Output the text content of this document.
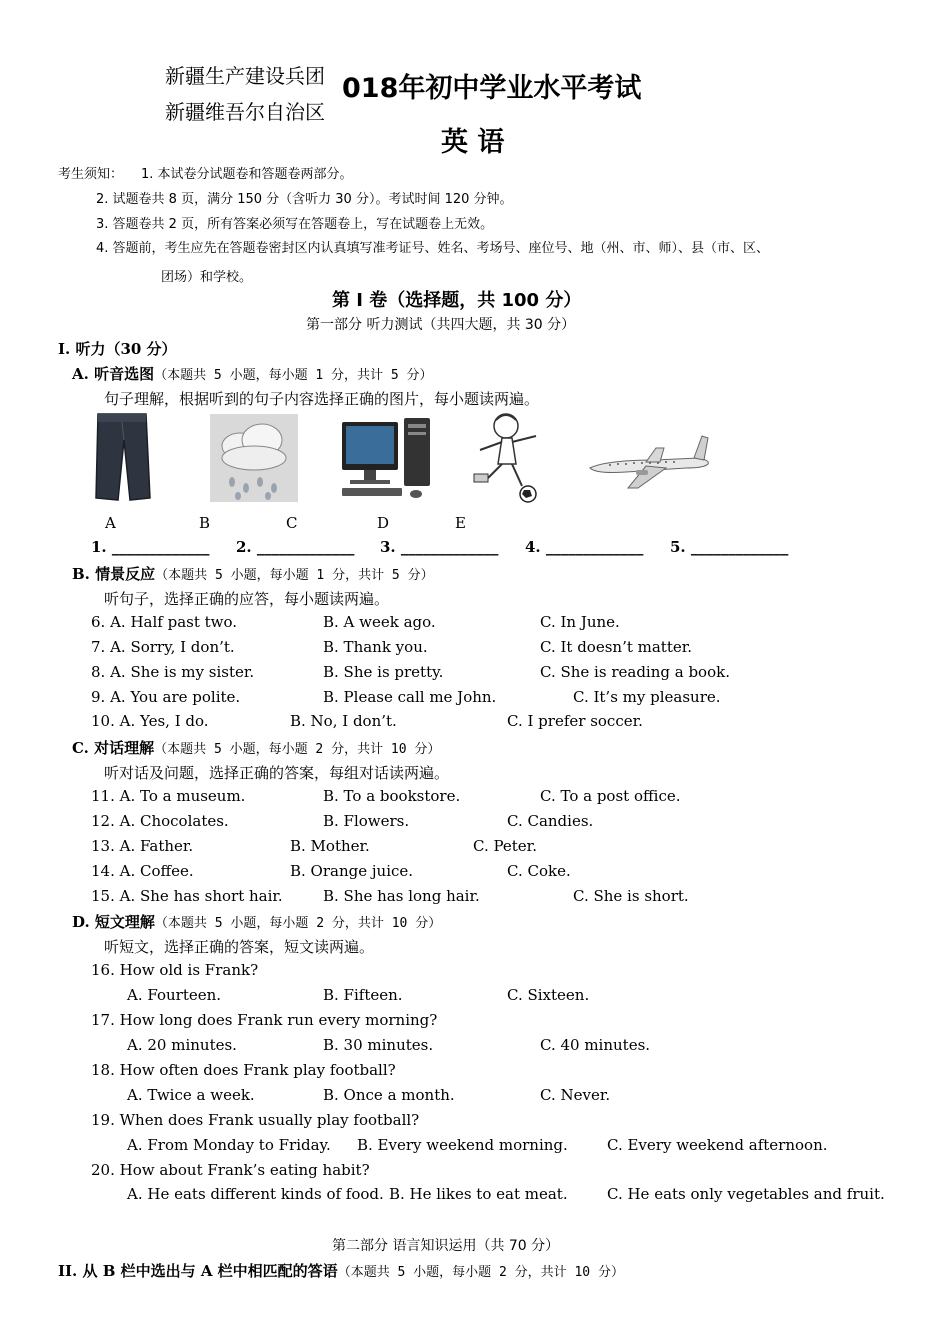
新疆生产建设兵团
新疆维吾尔自治区
018年初中学业水平考试
英 语
考生须知： 1. 本试卷分试题卷和答题卷两部分。
2. 试题卷共 8 页，满分 150 分（含听力 30 分）。考试时间 120 分钟。
3. 答题卷共 2 页，所有答案必须写在答题卷上，写在试题卷上无效。
4. 答题前，考生应先在答题卷密封区内认真填写准考证号、姓名、考场号、座位号、地（州、市、师）、县（市、区、
团场）和学校。
第 Ⅰ 卷（选择题，共 100 分）
第一部分 听力测试（共四大题，共 30 分）
I. 听力（30 分）
A. 听音选图（本题共 5 小题，每小题 1 分，共计 5 分）
句子理解，根据听到的句子内容选择正确的图片，每小题读两遍。
A	B	C	D	E
1. _____________ 2. _____________ 3. _____________ 4. _____________ 5. _____________
B. 情景反应（本题共 5 小题，每小题 1 分，共计 5 分）
听句子，选择正确的应答，每小题读两遍。
6. A. Half past two.	B. A week ago.	C. In June.
7. A. Sorry, I don’t.	B. Thank you.	C. It doesn’t matter.
8. A. She is my sister.	B. She is pretty.	C. She is reading a book.
9. A. You are polite.	B. Please call me John.	C. It’s my pleasure.
10. A. Yes, I do.	B. No, I don’t.	C. I prefer soccer.
C. 对话理解（本题共 5 小题，每小题 2 分，共计 10 分）
听对话及问题，选择正确的答案，每组对话读两遍。
11. A. To a museum.	B. To a bookstore.	C. To a post office.
12. A. Chocolates.	B. Flowers.	C. Candies.
13. A. Father.	B. Mother.	C. Peter.
14. A. Coffee.	B. Orange juice.	C. Coke.
15. A. She has short hair.	B. She has long hair.	C. She is short.
D. 短文理解（本题共 5 小题，每小题 2 分，共计 10 分）
听短文，选择正确的答案，短文读两遍。
16. How old is Frank?
A. Fourteen.	B. Fifteen.	C. Sixteen.
17. How long does Frank run every morning?
A. 20 minutes.	B. 30 minutes.	C. 40 minutes.
18. How often does Frank play football?
A. Twice a week.	B. Once a month.	C. Never.
19. When does Frank usually play football?
A. From Monday to Friday. B. Every weekend morning.	C. Every weekend afternoon.
20. How about Frank’s eating habit?
A. He eats different kinds of food. B. He likes to eat meat.	C. He eats only vegetables and fruit.
第二部分 语言知识运用（共 70 分）
II. 从 B 栏中选出与 A 栏中相匹配的答语（本题共 5 小题，每小题 2 分，共计 10 分）
